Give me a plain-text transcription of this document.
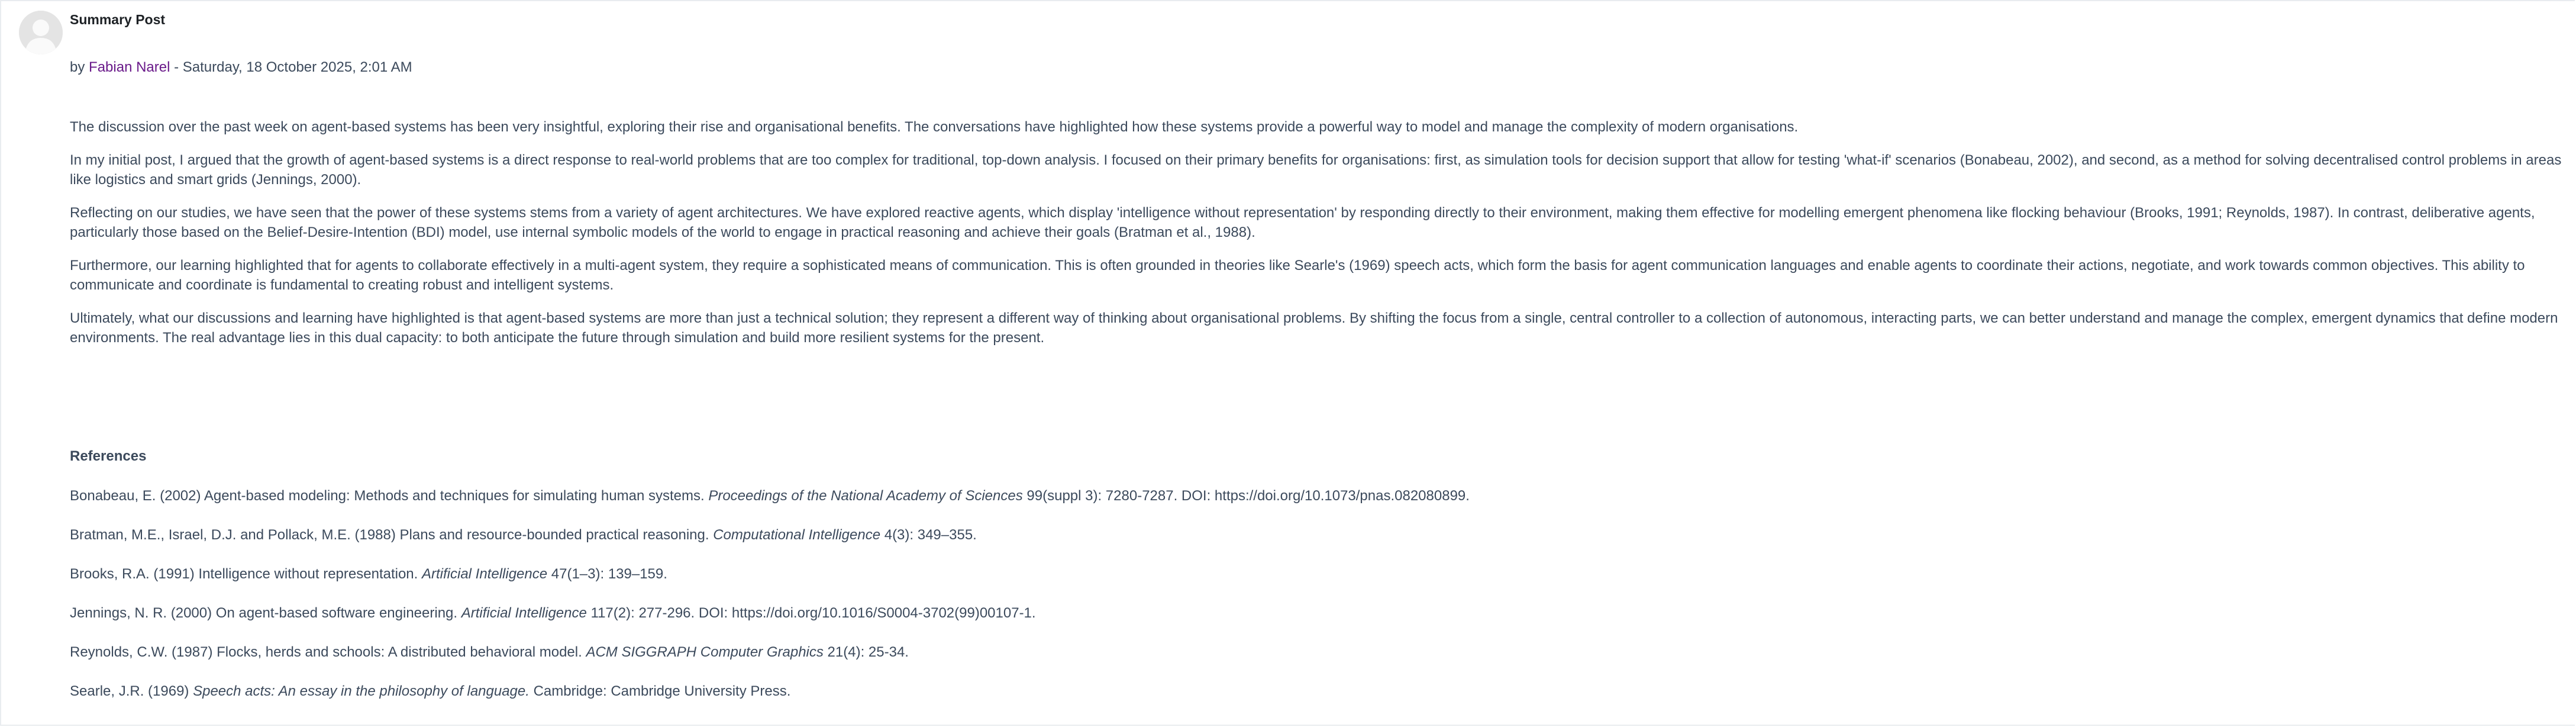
Summary Post
by Fabian Narel - Saturday, 18 October 2025, 2:01 AM

The discussion over the past week on agent-based systems has been very insightful, exploring their rise and organisational benefits. The conversations have highlighted how these systems provide a powerful way to model and manage the complexity of modern organisations.

In my initial post, I argued that the growth of agent-based systems is a direct response to real-world problems that are too complex for traditional, top-down analysis. I focused on their primary benefits for organisations: first, as simulation tools for decision support that allow for testing 'what-if' scenarios (Bonabeau, 2002), and second, as a method for solving decentralised control problems in areas like logistics and smart grids (Jennings, 2000).

Reflecting on our studies, we have seen that the power of these systems stems from a variety of agent architectures. We have explored reactive agents, which display 'intelligence without representation' by responding directly to their environment, making them effective for modelling emergent phenomena like flocking behaviour (Brooks, 1991; Reynolds, 1987). In contrast, deliberative agents, particularly those based on the Belief-Desire-Intention (BDI) model, use internal symbolic models of the world to engage in practical reasoning and achieve their goals (Bratman et al., 1988).

Furthermore, our learning highlighted that for agents to collaborate effectively in a multi-agent system, they require a sophisticated means of communication. This is often grounded in theories like Searle's (1969) speech acts, which form the basis for agent communication languages and enable agents to coordinate their actions, negotiate, and work towards common objectives. This ability to communicate and coordinate is fundamental to creating robust and intelligent systems.

Ultimately, what our discussions and learning have highlighted is that agent-based systems are more than just a technical solution; they represent a different way of thinking about organisational problems. By shifting the focus from a single, central controller to a collection of autonomous, interacting parts, we can better understand and manage the complex, emergent dynamics that define modern environments. The real advantage lies in this dual capacity: to both anticipate the future through simulation and build more resilient systems for the present.

References

Bonabeau, E. (2002) Agent-based modeling: Methods and techniques for simulating human systems. Proceedings of the National Academy of Sciences 99(suppl 3): 7280-7287. DOI: https://doi.org/10.1073/pnas.082080899.

Bratman, M.E., Israel, D.J. and Pollack, M.E. (1988) Plans and resource-bounded practical reasoning. Computational Intelligence 4(3): 349–355.

Brooks, R.A. (1991) Intelligence without representation. Artificial Intelligence 47(1–3): 139–159.

Jennings, N. R. (2000) On agent-based software engineering. Artificial Intelligence 117(2): 277-296. DOI: https://doi.org/10.1016/S0004-3702(99)00107-1.

Reynolds, C.W. (1987) Flocks, herds and schools: A distributed behavioral model. ACM SIGGRAPH Computer Graphics 21(4): 25-34.

Searle, J.R. (1969) Speech acts: An essay in the philosophy of language. Cambridge: Cambridge University Press.
